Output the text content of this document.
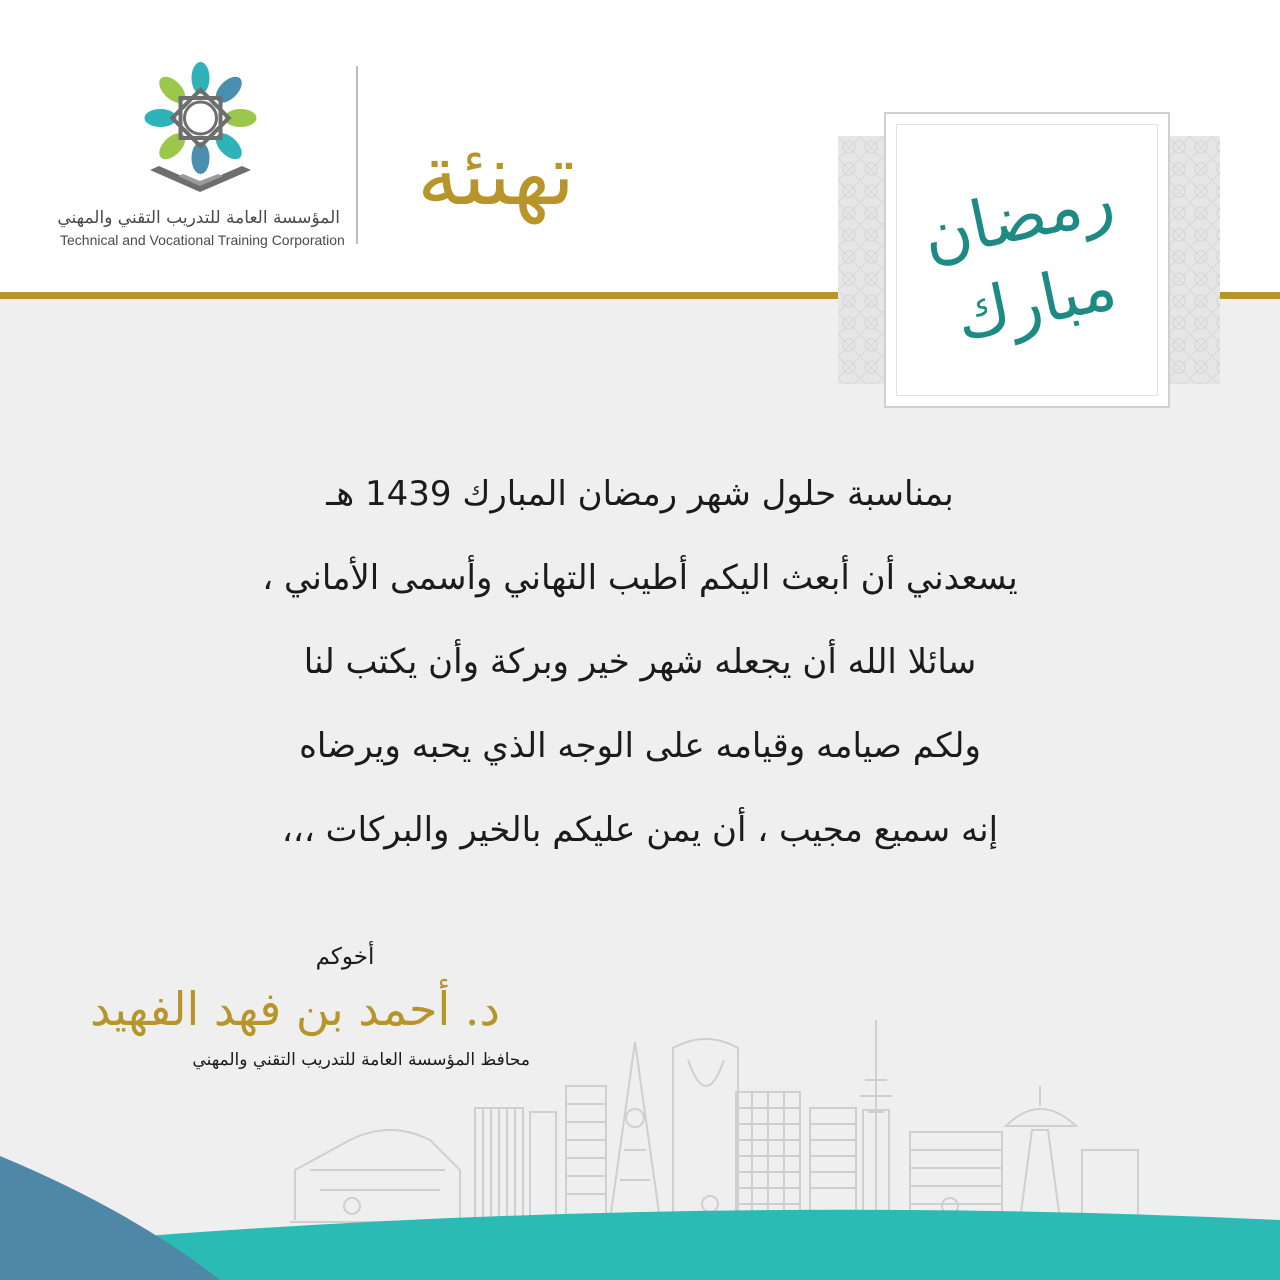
المؤسسة العامة للتدريب التقني والمهني
Technical and Vocational Training Corporation
تهنئة	رمضان
مبارك
بمناسبة حلول شهر رمضان المبارك 1439 هـ
يسعدني أن أبعث اليكم أطيب التهاني وأسمى الأماني ،
سائلا الله أن يجعله شهر خير وبركة وأن يكتب لنا
ولكم صيامه وقيامه على الوجه الذي يحبه ويرضاه
إنه سميع مجيب ، أن يمن عليكم بالخير والبركات ،،،
أخوكم
د. أحمد بن فهد الفهيد
محافظ المؤسسة العامة للتدريب التقني والمهني
